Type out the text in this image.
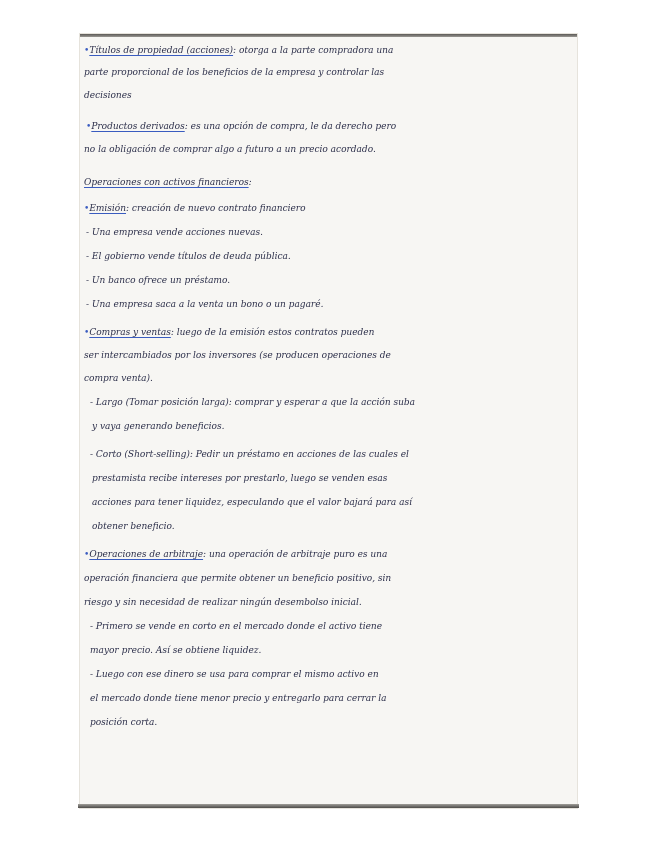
•Títulos de propiedad (acciones): otorga a la parte compradora una
parte proporcional de los beneficios de la empresa y controlar las
decisiones
•Productos derivados: es una opción de compra, le da derecho pero
no la obligación de comprar algo a futuro a un precio acordado.
Operaciones con activos financieros:
•Emisión: creación de nuevo contrato financiero
- Una empresa vende acciones nuevas.
- El gobierno vende títulos de deuda pública.
- Un banco ofrece un préstamo.
- Una empresa saca a la venta un bono o un pagaré.
•Compras y ventas: luego de la emisión estos contratos pueden
ser intercambiados por los inversores (se producen operaciones de
compra venta).
- Largo (Tomar posición larga): comprar y esperar a que la acción suba
y vaya generando beneficios.
- Corto (Short-selling): Pedir un préstamo en acciones de las cuales el
prestamista recibe intereses por prestarlo, luego se venden esas
acciones para tener liquidez, especulando que el valor bajará para así
obtener beneficio.
•Operaciones de arbitraje: una operación de arbitraje puro es una
operación financiera que permite obtener un beneficio positivo, sin
riesgo y sin necesidad de realizar ningún desembolso inicial.
- Primero se vende en corto en el mercado donde el activo tiene
mayor precio. Así se obtiene liquidez.
- Luego con ese dinero se usa para comprar el mismo activo en
el mercado donde tiene menor precio y entregarlo para cerrar la
posición corta.
